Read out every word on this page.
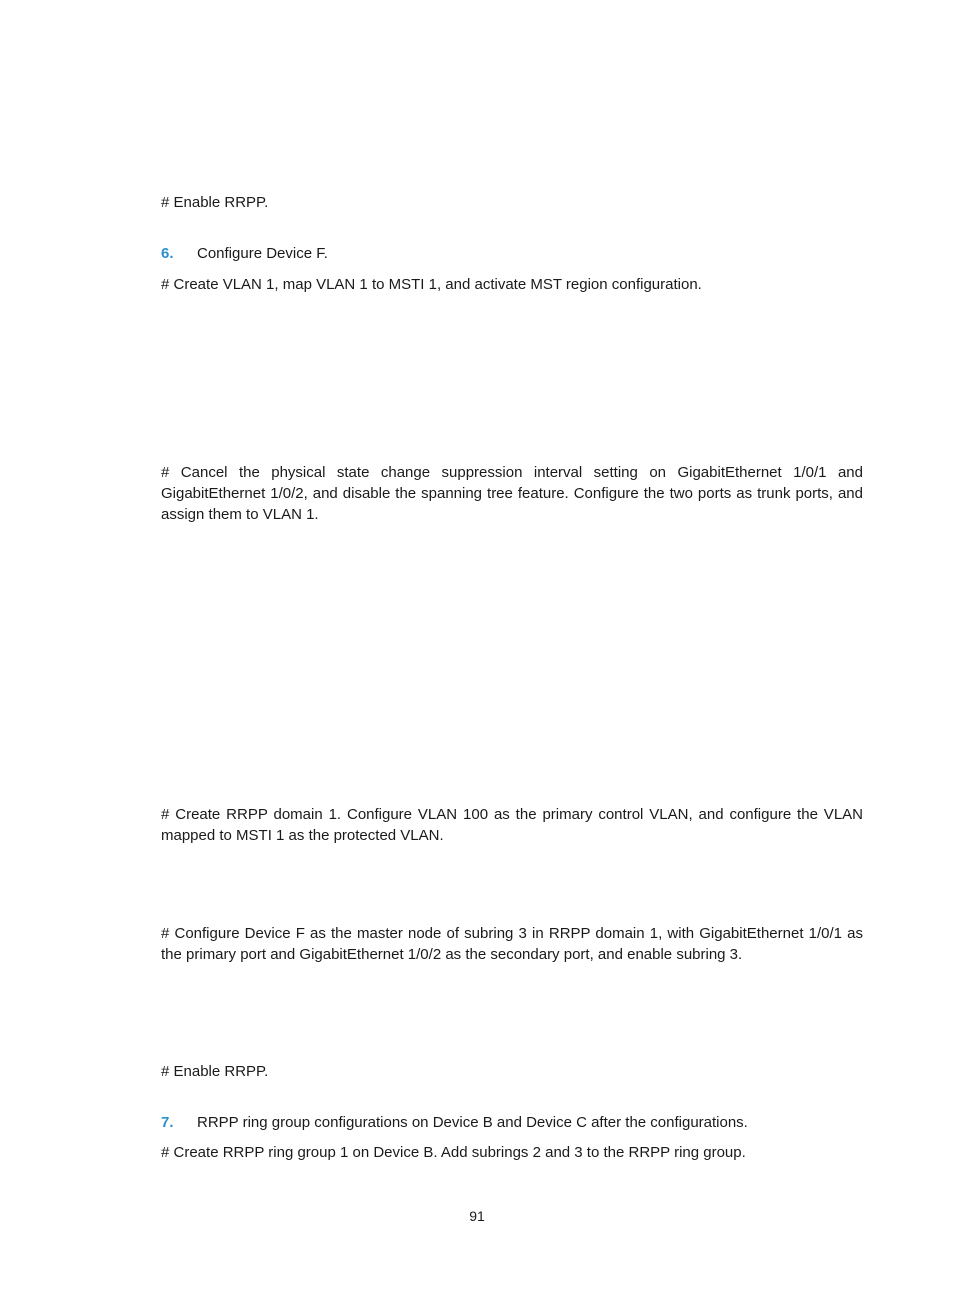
# Enable RRPP.
6. Configure Device F.
# Create VLAN 1, map VLAN 1 to MSTI 1, and activate MST region configuration.
# Cancel the physical state change suppression interval setting on GigabitEthernet 1/0/1 and GigabitEthernet 1/0/2, and disable the spanning tree feature. Configure the two ports as trunk ports, and assign them to VLAN 1.
# Create RRPP domain 1. Configure VLAN 100 as the primary control VLAN, and configure the VLAN mapped to MSTI 1 as the protected VLAN.
# Configure Device F as the master node of subring 3 in RRPP domain 1, with GigabitEthernet 1/0/1 as the primary port and GigabitEthernet 1/0/2 as the secondary port, and enable subring 3.
# Enable RRPP.
7. RRPP ring group configurations on Device B and Device C after the configurations.
# Create RRPP ring group 1 on Device B. Add subrings 2 and 3 to the RRPP ring group.
91
